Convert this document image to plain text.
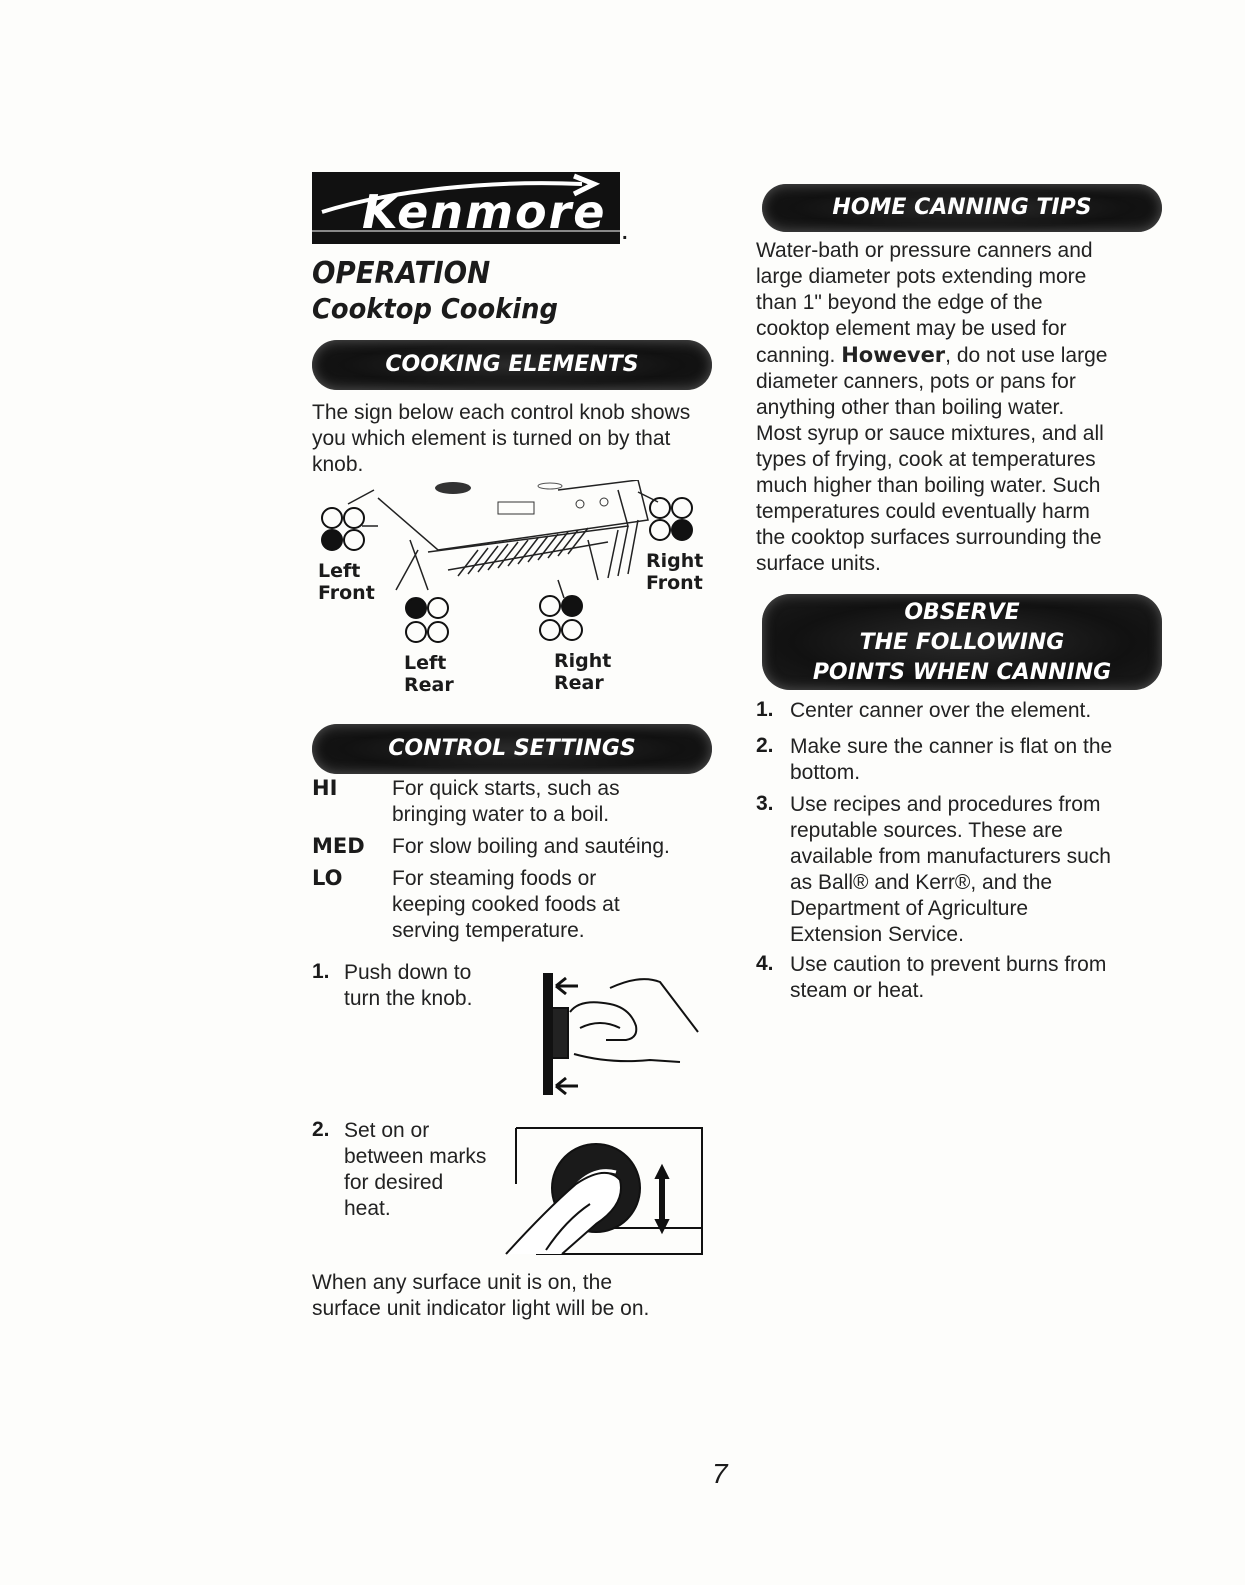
Kenmore .
OPERATION
Cooktop Cooking
COOKING ELEMENTS
The sign below each control knob shows you which element is turned on by that knob.
Left
Front
Right
Front
Left
Rear
Right
Rear
CONTROL SETTINGS
HI	For quick starts, such as
bringing water to a boil.
MED For slow boiling and sautéing.
LO For steaming foods or
keeping cooked foods at
serving temperature.
1. Push down to
turn the knob.
2. Set on or
between marks
for desired
heat.
When any surface unit is on, the
surface unit indicator light will be on.
HOME CANNING TIPS
Water-bath or pressure canners and
large diameter pots extending more
than 1" beyond the edge of the
cooktop element may be used for
canning. However, do not use large
diameter canners, pots or pans for
anything other than boiling water.
Most syrup or sauce mixtures, and all
types of frying, cook at temperatures
much higher than boiling water. Such
temperatures could eventually harm
the cooktop surfaces surrounding the
surface units.
OBSERVE
THE FOLLOWING
POINTS WHEN CANNING
1. Center canner over the element.
2. Make sure the canner is flat on the
bottom.
3. Use recipes and procedures from
reputable sources. These are
available from manufacturers such
as Ball® and Kerr®, and the
Department of Agriculture
Extension Service.
4. Use caution to prevent burns from
steam or heat.
7
